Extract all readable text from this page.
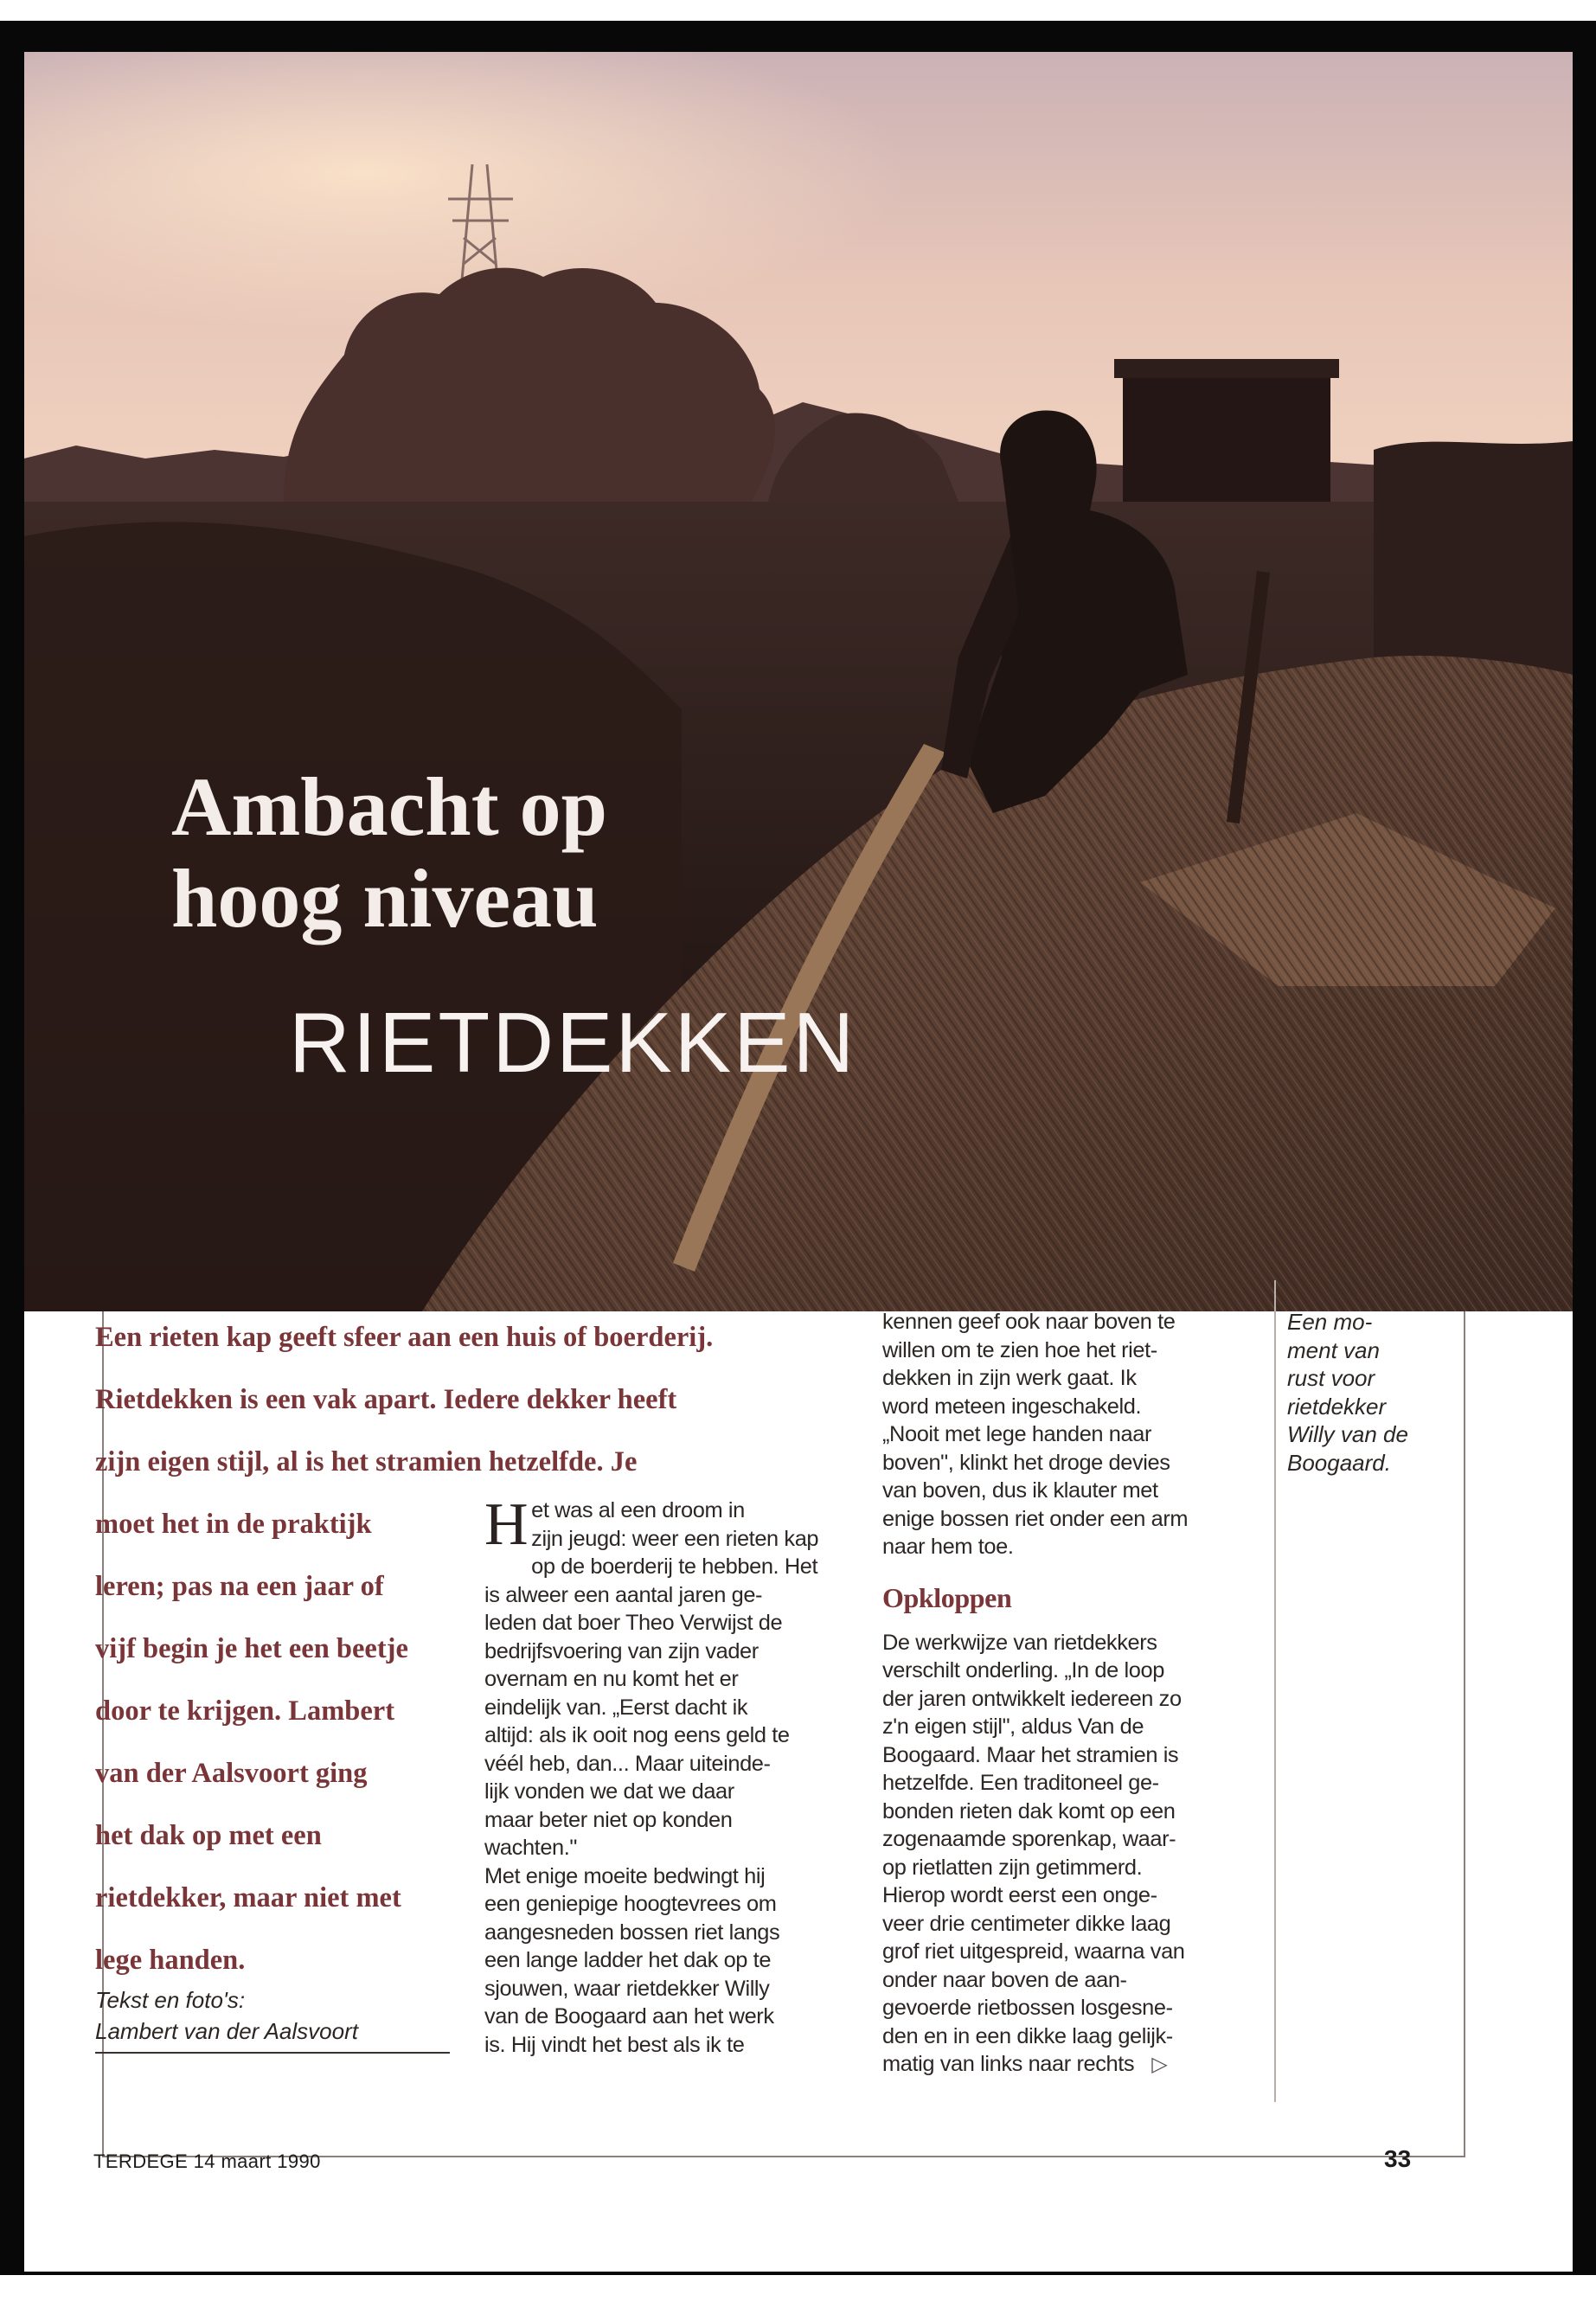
Ambacht op
hoog niveau
RIETDEKKEN

Een rieten kap geeft sfeer aan een huis of boerderij.
Rietdekken is een vak apart. Iedere dekker heeft
zijn eigen stijl, al is het stramien hetzelfde. Je
moet het in de praktijk
leren; pas na een jaar of
vijf begin je het een beetje
door te krijgen. Lambert
van der Aalsvoort ging
het dak op met een
rietdekker, maar niet met
lege handen.

Tekst en foto's:
Lambert van der Aalsvoort
H et was al een droom in
zijn jeugd: weer een rieten kap
op de boerderij te hebben. Het
is alweer een aantal jaren ge-
leden dat boer Theo Verwijst de
bedrijfsvoering van zijn vader
overnam en nu komt het er
eindelijk van. „Eerst dacht ik
altijd: als ik ooit nog eens geld te
véél heb, dan... Maar uiteinde-
lijk vonden we dat we daar
maar beter niet op konden
wachten."
Met enige moeite bedwingt hij
een geniepige hoogtevrees om
aangesneden bossen riet langs
een lange ladder het dak op te
sjouwen, waar rietdekker Willy
van de Boogaard aan het werk
is. Hij vindt het best als ik te
kennen geef ook naar boven te
willen om te zien hoe het riet-
dekken in zijn werk gaat. Ik
word meteen ingeschakeld.
„Nooit met lege handen naar
boven", klinkt het droge devies
van boven, dus ik klauter met
enige bossen riet onder een arm
naar hem toe.
Opkloppen
De werkwijze van rietdekkers
verschilt onderling. „In de loop
der jaren ontwikkelt iedereen zo
z'n eigen stijl", aldus Van de
Boogaard. Maar het stramien is
hetzelfde. Een traditoneel ge-
bonden rieten dak komt op een
zogenaamde sporenkap, waar-
op rietlatten zijn getimmerd.
Hierop wordt eerst een onge-
veer drie centimeter dikke laag
grof riet uitgespreid, waarna van
onder naar boven de aan-
gevoerde rietbossen losgesne-
den en in een dikke laag gelijk-
matig van links naar rechts ▷

Een mo-
ment van
rust voor
rietdekker
Willy van de
Boogaard.

TERDEGE 14 maart 1990	33
